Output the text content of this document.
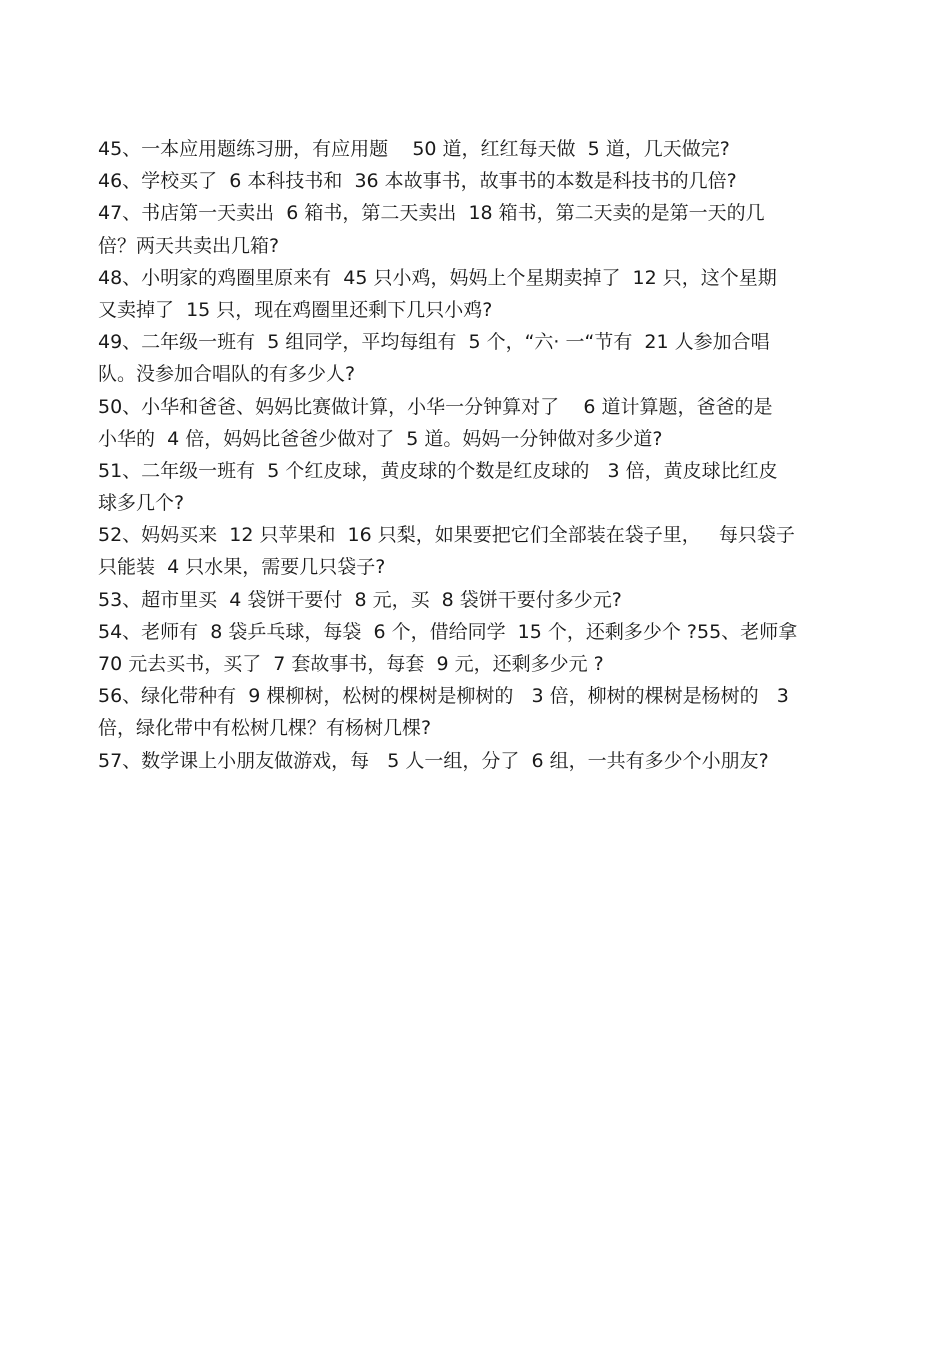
45、一本应用题练习册，有应用题    50 道，红红每天做  5 道，几天做完?
46、学校买了  6 本科技书和  36 本故事书，故事书的本数是科技书的几倍?
47、书店第一天卖出  6 箱书，第二天卖出  18 箱书，第二天卖的是第一天的几
倍？两天共卖出几箱?
48、小明家的鸡圈里原来有  45 只小鸡，妈妈上个星期卖掉了  12 只，这个星期
又卖掉了  15 只，现在鸡圈里还剩下几只小鸡?
49、二年级一班有  5 组同学，平均每组有  5 个，“六· 一“节有  21 人参加合唱
队。没参加合唱队的有多少人?
50、小华和爸爸、妈妈比赛做计算，小华一分钟算对了    6 道计算题，爸爸的是
小华的  4 倍，妈妈比爸爸少做对了  5 道。妈妈一分钟做对多少道?
51、二年级一班有  5 个红皮球，黄皮球的个数是红皮球的   3 倍，黄皮球比红皮
球多几个?
52、妈妈买来  12 只苹果和  16 只梨，如果要把它们全部装在袋子里，   每只袋子
只能装  4 只水果，需要几只袋子?
53、超市里买  4 袋饼干要付  8 元，买  8 袋饼干要付多少元?
54、老师有  8 袋乒乓球，每袋  6 个，借给同学  15 个，还剩多少个 ?55、老师拿
70 元去买书，买了  7 套故事书，每套  9 元，还剩多少元 ?
56、绿化带种有  9 棵柳树，松树的棵树是柳树的   3 倍，柳树的棵树是杨树的   3
倍，绿化带中有松树几棵？有杨树几棵?
57、数学课上小朋友做游戏，每   5 人一组，分了  6 组，一共有多少个小朋友?
